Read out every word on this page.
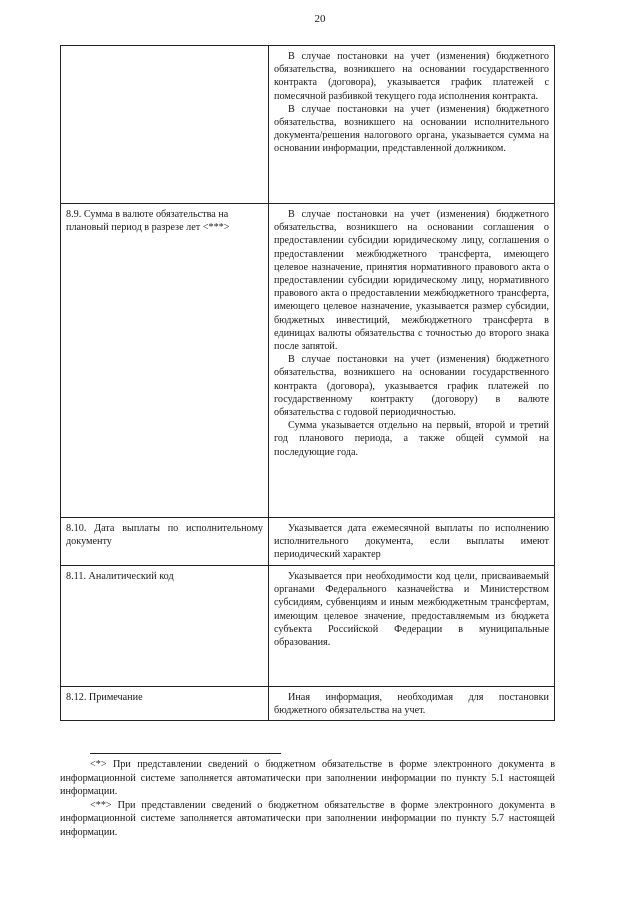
20

	В случае постановки на учет (изменения) бюджетного обязательства, возникшего на основании государственного контракта (договора), указывается график платежей с помесячной разбивкой текущего года исполнения контракта.

В случае постановки на учет (изменения) бюджетного обязательства, возникшего на основании исполнительного документа/решения налогового органа, указывается сумма на основании информации, представленной должником.

8.9. Сумма в валюте обязательства на плановый период в разрезе лет <***>	В случае постановки на учет (изменения) бюджетного обязательства, возникшего на основании соглашения о предоставлении субсидии юридическому лицу, соглашения о предоставлении межбюджетного трансферта, имеющего целевое назначение, принятия нормативного правового акта о предоставлении субсидии юридическому лицу, нормативного правового акта о предоставлении межбюджетного трансферта, имеющего целевое назначение, указывается размер субсидии, бюджетных инвестиций, межбюджетного трансферта в единицах валюты обязательства с точностью до второго знака после запятой.

В случае постановки на учет (изменения) бюджетного обязательства, возникшего на основании государственного контракта (договора), указывается график платежей по государственному контракту (договору) в валюте обязательства с годовой периодичностью.

Сумма указывается отдельно на первый, второй и третий год планового периода, а также общей суммой на последующие года.

8.10. Дата выплаты по исполнительному документу	Указывается дата ежемесячной выплаты по исполнению исполнительного документа, если выплаты имеют периодический характер

8.11. Аналитический код	Указывается при необходимости код цели, присваиваемый органами Федерального казначейства и Министерством субсидиям, субвенциям и иным межбюджетным трансфертам, имеющим целевое значение, предоставляемым из бюджета субъекта Российской Федерации в муниципальные образования.

8.12. Примечание	Иная информация, необходимая для постановки бюджетного обязательства на учет.

<*> При представлении сведений о бюджетном обязательстве в форме электронного документа в информационной системе заполняется автоматически при заполнении информации по пункту 5.1 настоящей информации.

<**> При представлении сведений о бюджетном обязательстве в форме электронного документа в информационной системе заполняется автоматически при заполнении информации по пункту 5.7 настоящей информации.
